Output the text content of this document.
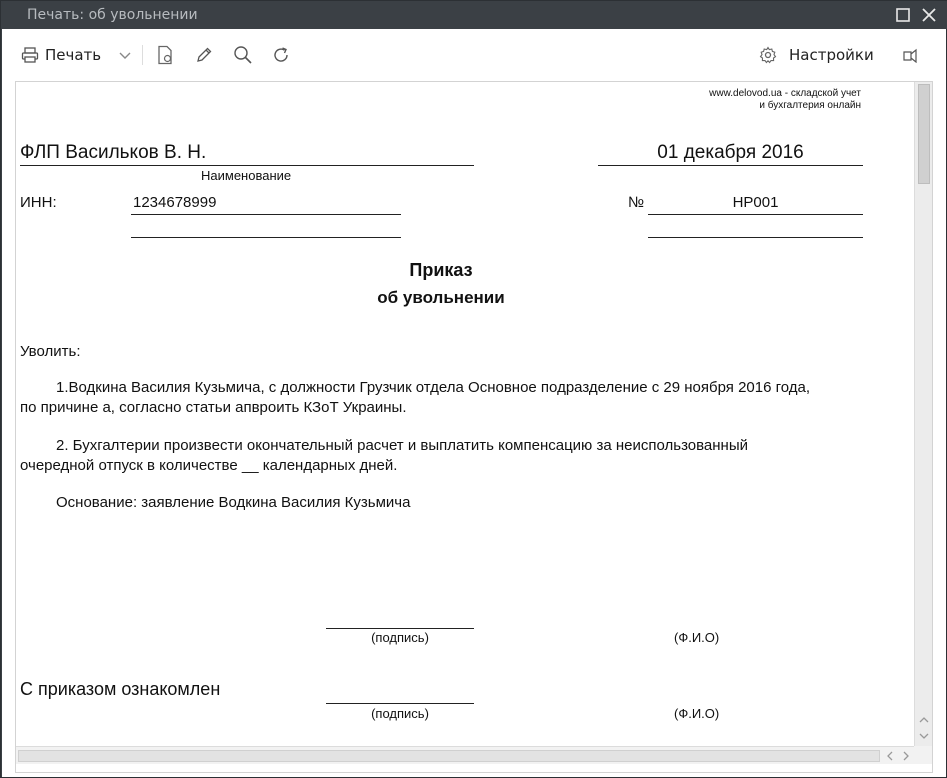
Печать: об увольнении
Печать	Настройки
www.delovod.ua - складской учет
и бухгалтерия онлайн
ФЛП Васильков В. Н.
Наименование
01 декабря 2016
ИНН:	1234678999	№	НР001
Приказ
об увольнении
Уволить:
1.Водкина Василия Кузьмича, с должности Грузчик отдела Основное подразделение с 29 ноября 2016 года,
по причине а, согласно статьи апвроить КЗоТ Украины.
2. Бухгалтерии произвести окончательный расчет и выплатить компенсацию за неиспользованный
очередной отпуск в количестве __ календарных дней.
Основание: заявление Водкина Василия Кузьмича
(подпись)	(Ф.И.О)
С приказом ознакомлен
(подпись)	(Ф.И.О)
